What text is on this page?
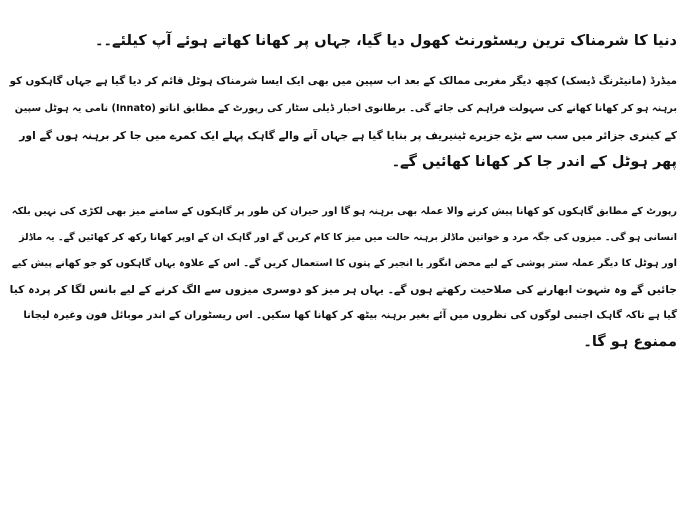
دنیا کا شرمناک ترین ریسٹورنٹ کھول دیا گیا، جہاں پر کھانا کھاتے ہوئے آپ کیلئے۔۔
میڈرڈ (مانیٹرنگ ڈیسک) کچھ دیگر مغربی ممالک کے بعد اب سپین میں بھی ایک ایسا شرمناک ہوٹل قائم کر دیا گیا ہے جہاں گاہکوں کو
برہنہ ہو کر کھانا کھانے کی سہولت فراہم کی جائے گی۔ برطانوی اخبار ڈیلی سٹار کی رپورٹ کے مطابق اناتو (Innato) نامی یہ ہوٹل سپین
کے کینری جزائر میں سب سے بڑے جزیرے ٹینیریف پر بنایا گیا ہے جہاں آنے والے گاہک پہلے ایک کمرے میں جا کر برہنہ ہوں گے اور
پھر ہوٹل کے اندر جا کر کھانا کھائیں گے۔
رپورٹ کے مطابق گاہکوں کو کھانا پیش کرنے والا عملہ بھی برہنہ ہو گا اور حیران کن طور پر گاہکوں کے سامنے میز بھی لکڑی کی نہیں بلکہ
انسانی ہو گی۔ میزوں کی جگہ مرد و خواتین ماڈلز برہنہ حالت میں میز کا کام کریں گے اور گاہک ان کے اوپر کھانا رکھ کر کھائیں گے۔ یہ ماڈلز
اور ہوٹل کا دیگر عملہ ستر پوشی کے لیے محض انگور یا انجیر کے پتوں کا استعمال کریں گے۔ اس کے علاوہ یہاں گاہکوں کو جو کھانے پیش کیے
جائیں گے وہ شہوت ابھارنے کی صلاحیت رکھتے ہوں گے۔ یہاں ہر میز کو دوسری میزوں سے الگ کرنے کے لیے بانس لگا کر پردہ کیا
گیا ہے تاکہ گاہک اجنبی لوگوں کی نظروں میں آئے بغیر برہنہ بیٹھ کر کھانا کھا سکیں۔ اس ریسٹوران کے اندر موبائل فون وغیرہ لیجانا
ممنوع ہو گا۔
